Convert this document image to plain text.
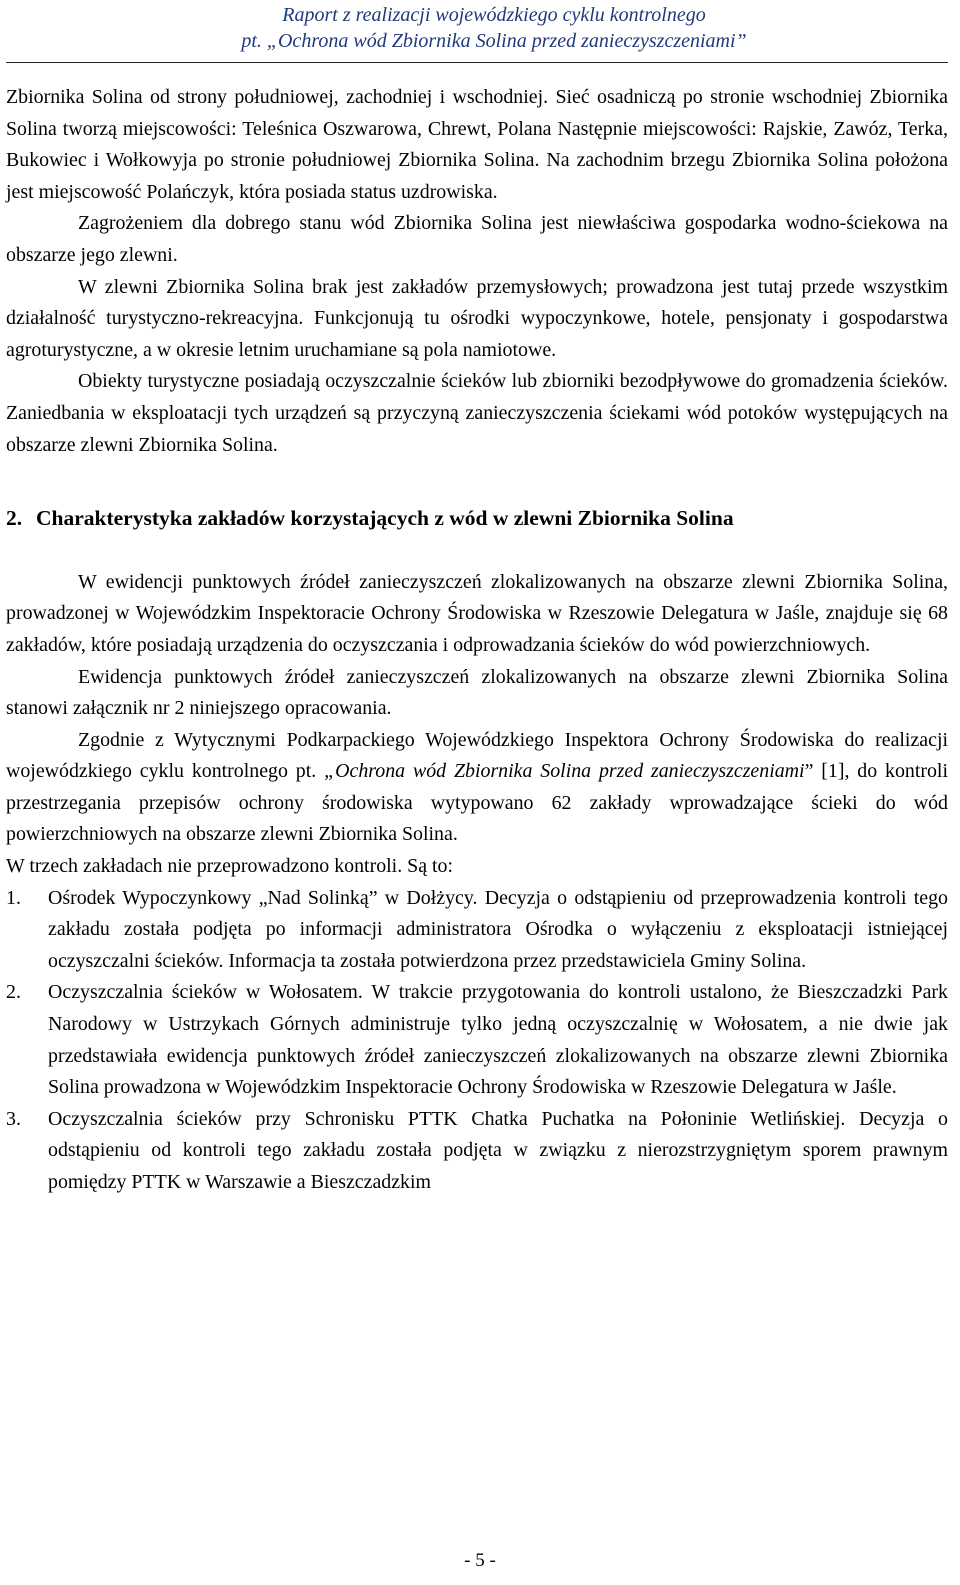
Raport z realizacji wojewódzkiego cyklu kontrolnego
pt. „Ochrona wód Zbiornika Solina przed zanieczyszczeniami”

Zbiornika Solina od strony południowej, zachodniej i wschodniej. Sieć osadniczą po stronie wschodniej Zbiornika Solina tworzą miejscowości: Teleśnica Oszwarowa, Chrewt, Polana Następnie miejscowości: Rajskie, Zawóz, Terka, Bukowiec i Wołkowyja po stronie południowej Zbiornika Solina. Na zachodnim brzegu Zbiornika Solina położona jest miejscowość Polańczyk, która posiada status uzdrowiska.

Zagrożeniem dla dobrego stanu wód Zbiornika Solina jest niewłaściwa gospodarka wodno-ściekowa na obszarze jego zlewni.

W zlewni Zbiornika Solina brak jest zakładów przemysłowych; prowadzona jest tutaj przede wszystkim działalność turystyczno-rekreacyjna. Funkcjonują tu ośrodki wypoczynkowe, hotele, pensjonaty i gospodarstwa agroturystyczne, a w okresie letnim uruchamiane są pola namiotowe.

Obiekty turystyczne posiadają oczyszczalnie ścieków lub zbiorniki bezodpływowe do gromadzenia ścieków. Zaniedbania w eksploatacji tych urządzeń są przyczyną zanieczyszczenia ściekami wód potoków występujących na obszarze zlewni Zbiornika Solina.

2. Charakterystyka zakładów korzystających z wód w zlewni Zbiornika Solina

W ewidencji punktowych źródeł zanieczyszczeń zlokalizowanych na obszarze zlewni Zbiornika Solina, prowadzonej w Wojewódzkim Inspektoracie Ochrony Środowiska w Rzeszowie Delegatura w Jaśle, znajduje się 68 zakładów, które posiadają urządzenia do oczyszczania i odprowadzania ścieków do wód powierzchniowych.

Ewidencja punktowych źródeł zanieczyszczeń zlokalizowanych na obszarze zlewni Zbiornika Solina stanowi załącznik nr 2 niniejszego opracowania.

Zgodnie z Wytycznymi Podkarpackiego Wojewódzkiego Inspektora Ochrony Środowiska do realizacji wojewódzkiego cyklu kontrolnego pt. „Ochrona wód Zbiornika Solina przed zanieczyszczeniami” [1], do kontroli przestrzegania przepisów ochrony środowiska wytypowano 62 zakłady wprowadzające ścieki do wód powierzchniowych na obszarze zlewni Zbiornika Solina.

W trzech zakładach nie przeprowadzono kontroli. Są to:

1. Ośrodek Wypoczynkowy „Nad Solinką” w Dołżycy. Decyzja o odstąpieniu od przeprowadzenia kontroli tego zakładu została podjęta po informacji administratora Ośrodka o wyłączeniu z eksploatacji istniejącej oczyszczalni ścieków. Informacja ta została potwierdzona przez przedstawiciela Gminy Solina.
2. Oczyszczalnia ścieków w Wołosatem. W trakcie przygotowania do kontroli ustalono, że Bieszczadzki Park Narodowy w Ustrzykach Górnych administruje tylko jedną oczyszczalnię w Wołosatem, a nie dwie jak przedstawiała ewidencja punktowych źródeł zanieczyszczeń zlokalizowanych na obszarze zlewni Zbiornika Solina prowadzona w Wojewódzkim Inspektoracie Ochrony Środowiska w Rzeszowie Delegatura w Jaśle.
3. Oczyszczalnia ścieków przy Schronisku PTTK Chatka Puchatka na Połoninie Wetlińskiej. Decyzja o odstąpieniu od kontroli tego zakładu została podjęta w związku z nierozstrzygniętym sporem prawnym pomiędzy PTTK w Warszawie a Bieszczadzkim
- 5 -
